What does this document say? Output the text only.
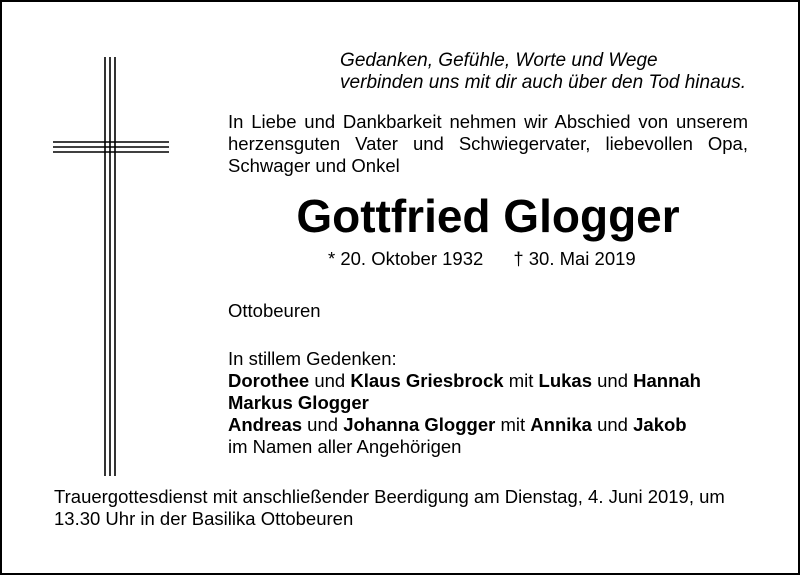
Gedanken, Gefühle, Worte und Wege
verbinden uns mit dir auch über den Tod hinaus.
In Liebe und Dankbarkeit nehmen wir Abschied von unserem
herzensguten Vater und Schwiegervater, liebevollen Opa,
Schwager und Onkel
Gottfried Glogger
* 20. Oktober 1932 † 30. Mai 2019
Ottobeuren
In stillem Gedenken:
Dorothee und Klaus Griesbrock mit Lukas und Hannah
Markus Glogger
Andreas und Johanna Glogger mit Annika und Jakob
im Namen aller Angehörigen
Trauergottesdienst mit anschließender Beerdigung am Dienstag, 4. Juni 2019, um
13.30 Uhr in der Basilika Ottobeuren
